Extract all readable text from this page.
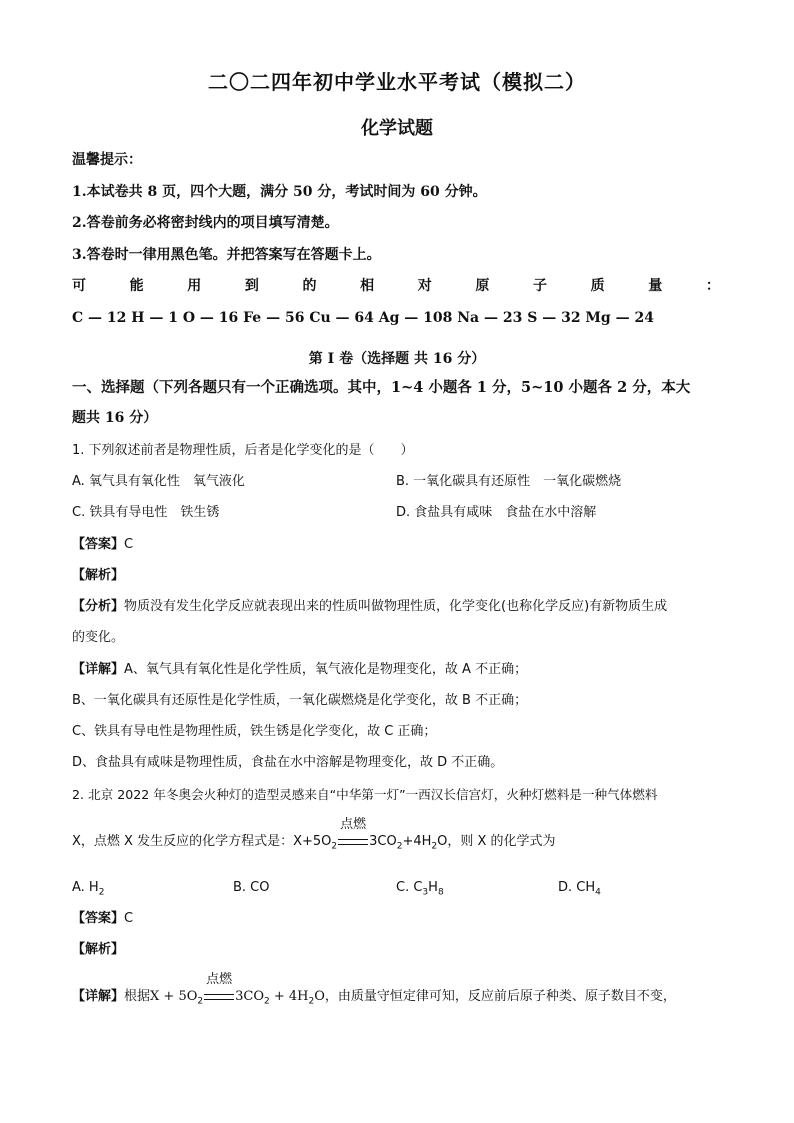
二〇二四年初中学业水平考试（模拟二）
化学试题
温馨提示：
1.本试卷共 8 页，四个大题，满分 50 分，考试时间为 60 分钟。
2.答卷前务必将密封线内的项目填写清楚。
3.答卷时一律用黑色笔。并把答案写在答题卡上。
可	能	用	到	的	相	对	原	子	质	量	：
C — 12 H — 1 O — 16 Fe — 56 Cu — 64 Ag — 108 Na — 23 S — 32 Mg — 24
第 I 卷（选择题 共 16 分）
一、选择题（下列各题只有一个正确选项。其中，1~4 小题各 1 分，5~10 小题各 2 分，本大
题共 16 分）
1. 下列叙述前者是物理性质，后者是化学变化的是（　　）
A. 氧气具有氧化性　氧气液化	B. 一氧化碳具有还原性　一氧化碳燃烧
C. 铁具有导电性　铁生锈	D. 食盐具有咸味　食盐在水中溶解
【答案】C
【解析】
【分析】物质没有发生化学反应就表现出来的性质叫做物理性质，化学变化(也称化学反应)有新物质生成
的变化。
【详解】A、氧气具有氧化性是化学性质，氧气液化是物理变化，故 A 不正确；
B、一氧化碳具有还原性是化学性质，一氧化碳燃烧是化学变化，故 B 不正确；
C、铁具有导电性是物理性质，铁生锈是化学变化，故 C 正确；
D、食盐具有咸味是物理性质，食盐在水中溶解是物理变化，故 D 不正确。
2. 北京 2022 年冬奥会火种灯的造型灵感来自“中华第一灯”一西汉长信宫灯，火种灯燃料是一种气体燃料
X，点燃 X 发生反应的化学方程式是：$X+5O_2$
点燃
$3CO_2+4H_2O$，则 X 的化学式为
A. $H_2$	B. CO	C. $C_3H_8$	D. $CH_4$
【答案】C
【解析】
【详解】根据$X + 5O_2$
点燃
$3CO_2 + 4H_2O$，由质量守恒定律可知，反应前后原子种类、原子数目不变，
